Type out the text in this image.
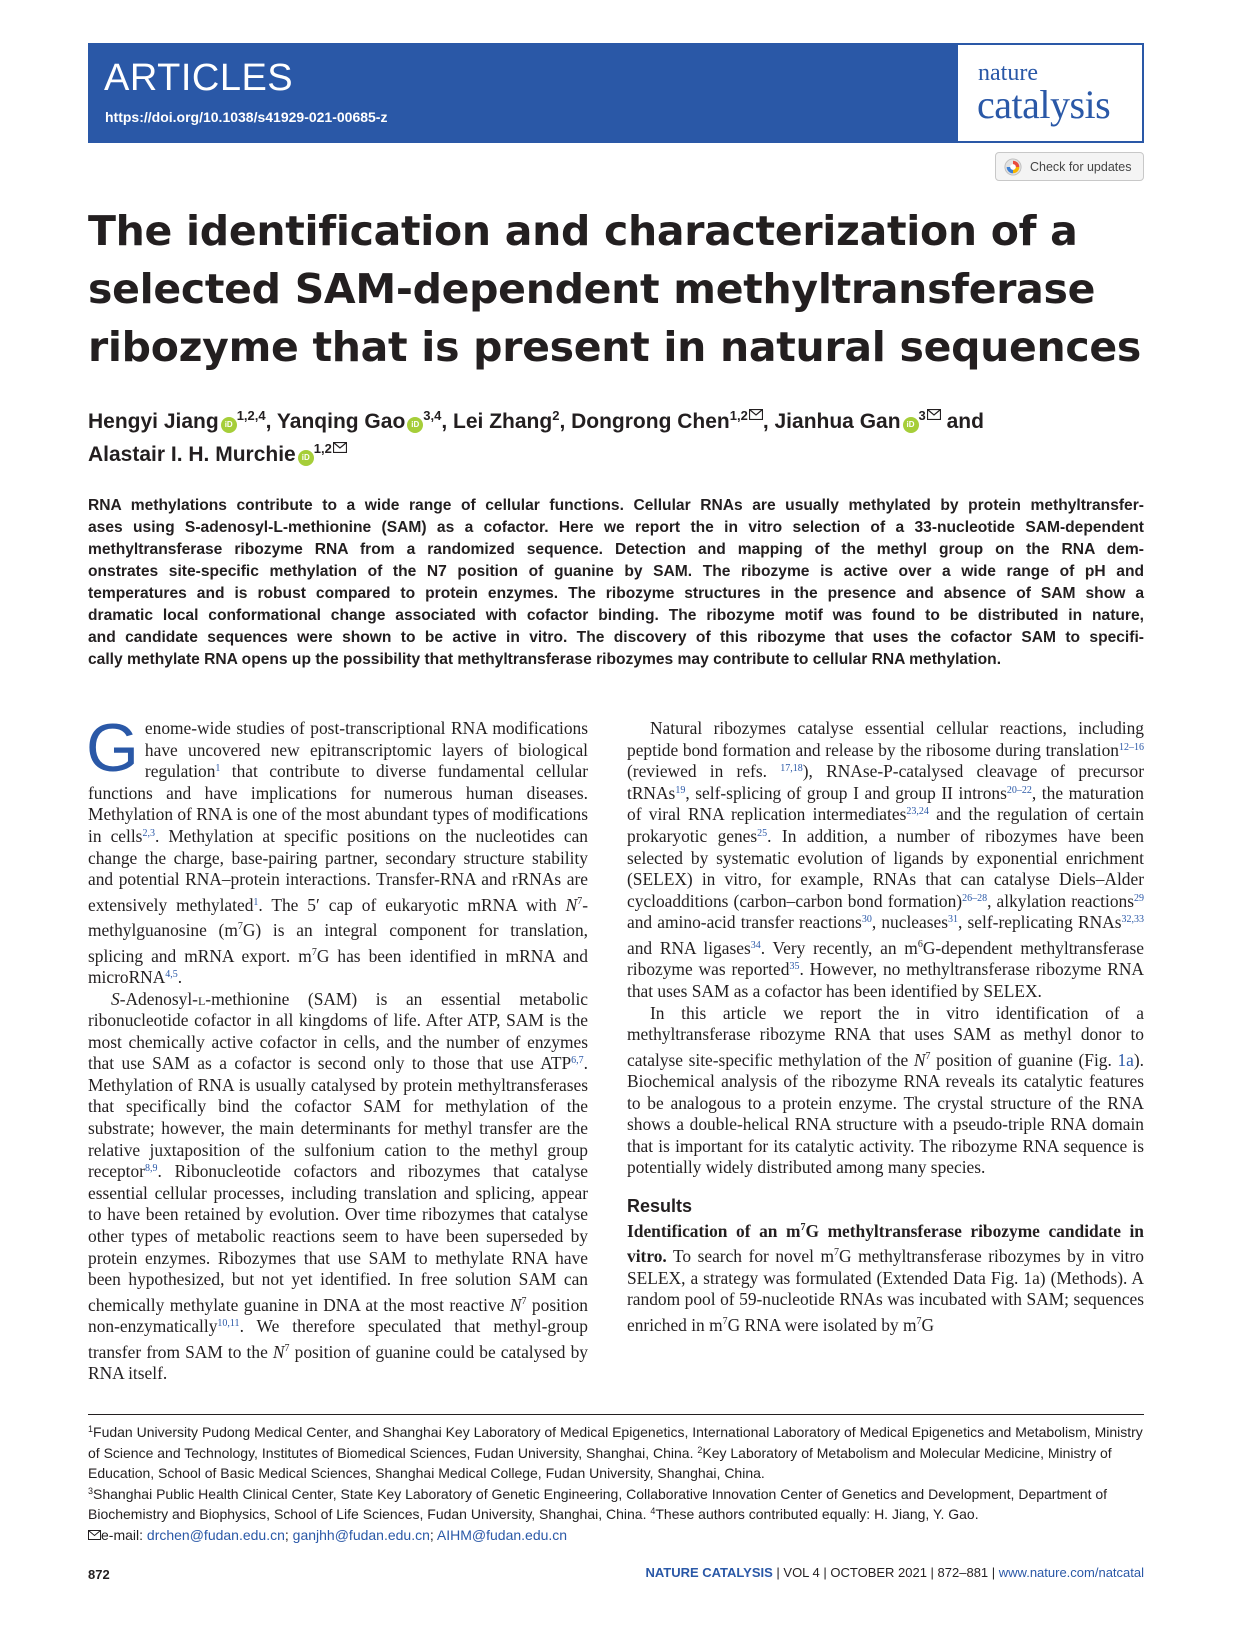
ARTICLES
https://doi.org/10.1038/s41929-021-00685-z
nature
catalysis
Check for updates
The identification and characterization of a selected SAM-dependent methyltransferase ribozyme that is present in natural sequences
Hengyi Jiang iD$^{1,2,4}$, Yanqing Gao iD$^{3,4}$, Lei Zhang$^2$, Dongrong Chen$^{1,2}$ , Jianhua Gan $iD^3$ and
Alastair I. H. Murchie iD$^{1,2}$

RNA methylations contribute to a wide range of cellular functions. Cellular RNAs are usually methylated by protein methyltransfer-

ases using S-adenosyl-L-methionine (SAM) as a cofactor. Here we report the in vitro selection of a 33-nucleotide SAM-dependent

methyltransferase ribozyme RNA from a randomized sequence. Detection and mapping of the methyl group on the RNA dem-

onstrates site-specific methylation of the N7 position of guanine by SAM. The ribozyme is active over a wide range of pH and

temperatures and is robust compared to protein enzymes. The ribozyme structures in the presence and absence of SAM show a

dramatic local conformational change associated with cofactor binding. The ribozyme motif was found to be distributed in nature,

and candidate sequences were shown to be active in vitro. The discovery of this ribozyme that uses the cofactor SAM to specifi-

cally methylate RNA opens up the possibility that methyltransferase ribozymes may contribute to cellular RNA methylation.

Genome-wide studies of post-transcriptional RNA modifications have uncovered new epitranscriptomic layers of biological regulation$^1$ that contribute to diverse fundamental cellular functions and have implications for numerous human diseases. Methylation of RNA is one of the most abundant types of modifications in cells$^{2,3}$. Methylation at specific positions on the nucleotides can change the charge, base-pairing partner, secondary structure stability and potential RNA–protein interactions. Transfer-RNA and rRNAs are extensively methylated$^1$. The 5′ cap of eukaryotic mRNA with $N^7$-methylguanosine $(m^7G)$ is an integral component for translation, splicing and mRNA export. $m^7G$ has been identified in mRNA and microRNA$^{4,5}$.

S-Adenosyl-l-methionine (SAM) is an essential metabolic ribonucleotide cofactor in all kingdoms of life. After ATP, SAM is the most chemically active cofactor in cells, and the number of enzymes that use SAM as a cofactor is second only to those that use ATP$^{6,7}$. Methylation of RNA is usually catalysed by protein methyltransferases that specifically bind the cofactor SAM for methylation of the substrate; however, the main determinants for methyl transfer are the relative juxtaposition of the sulfonium cation to the methyl group receptor$^{8,9}$. Ribonucleotide cofactors and ribozymes that catalyse essential cellular processes, including translation and splicing, appear to have been retained by evolution. Over time ribozymes that catalyse other types of metabolic reactions seem to have been superseded by protein enzymes. Ribozymes that use SAM to methylate RNA have been hypothesized, but not yet identified. In free solution SAM can chemically methylate guanine in DNA at the most reactive $N^7$ position non-enzymatically$^{10,11}$. We therefore speculated that methyl-group transfer from SAM to the $N^7$ position of guanine could be catalysed by RNA itself.

Natural ribozymes catalyse essential cellular reactions, including peptide bond formation and release by the ribosome during translation$^{12-16}$ (reviewed in refs. $^{17,18}$), RNAse-P-catalysed cleavage of precursor tRNAs$^{19}$, self-splicing of group I and group II introns$^{20-22}$, the maturation of viral RNA replication intermediates$^{23,24}$ and the regulation of certain prokaryotic genes$^{25}$. In addition, a number of ribozymes have been selected by systematic evolution of ligands by exponential enrichment (SELEX) in vitro, for example, RNAs that can catalyse Diels–Alder cycloadditions (carbon–carbon bond formation)$^{26-28}$, alkylation reactions$^{29}$ and amino-acid transfer reactions$^{30}$, nucleases$^{31}$, self-replicating RNAs$^{32,33}$ and RNA ligases$^{34}$. Very recently, an $m^6G$-dependent methyltransferase ribozyme was reported$^{35}$. However, no methyltransferase ribozyme RNA that uses SAM as a cofactor has been identified by SELEX.

In this article we report the in vitro identification of a methyltransferase ribozyme RNA that uses SAM as methyl donor to catalyse site-specific methylation of the $N^7$ position of guanine (Fig. 1a). Biochemical analysis of the ribozyme RNA reveals its catalytic features to be analogous to a protein enzyme. The crystal structure of the RNA shows a double-helical RNA structure with a pseudo-triple RNA domain that is important for its catalytic activity. The ribozyme RNA sequence is potentially widely distributed among many species.

Results

Identification of an $m^7G$ methyltransferase ribozyme candidate in vitro. To search for novel $m^7G$ methyltransferase ribozymes by in vitro SELEX, a strategy was formulated (Extended Data Fig. 1a) (Methods). A random pool of 59-nucleotide RNAs was incubated with SAM; sequences enriched in $m^7G$ RNA were isolated by $m^7G$

$^1$Fudan University Pudong Medical Center, and Shanghai Key Laboratory of Medical Epigenetics, International Laboratory of Medical Epigenetics and Metabolism, Ministry of Science and Technology, Institutes of Biomedical Sciences, Fudan University, Shanghai, China. $^2$Key Laboratory of Metabolism and Molecular Medicine, Ministry of Education, School of Basic Medical Sciences, Shanghai Medical College, Fudan University, Shanghai, China.
$^3$Shanghai Public Health Clinical Center, State Key Laboratory of Genetic Engineering, Collaborative Innovation Center of Genetics and Development, Department of Biochemistry and Biophysics, School of Life Sciences, Fudan University, Shanghai, China. $^4$These authors contributed equally: H. Jiang, Y. Gao.
e-mail: drchen@fudan.edu.cn; ganjhh@fudan.edu.cn; AIHM@fudan.edu.cn
872	NATURE CATALYSIS | VOL 4 | OCTOBER 2021 | 872–881 | www.nature.com/natcatal
